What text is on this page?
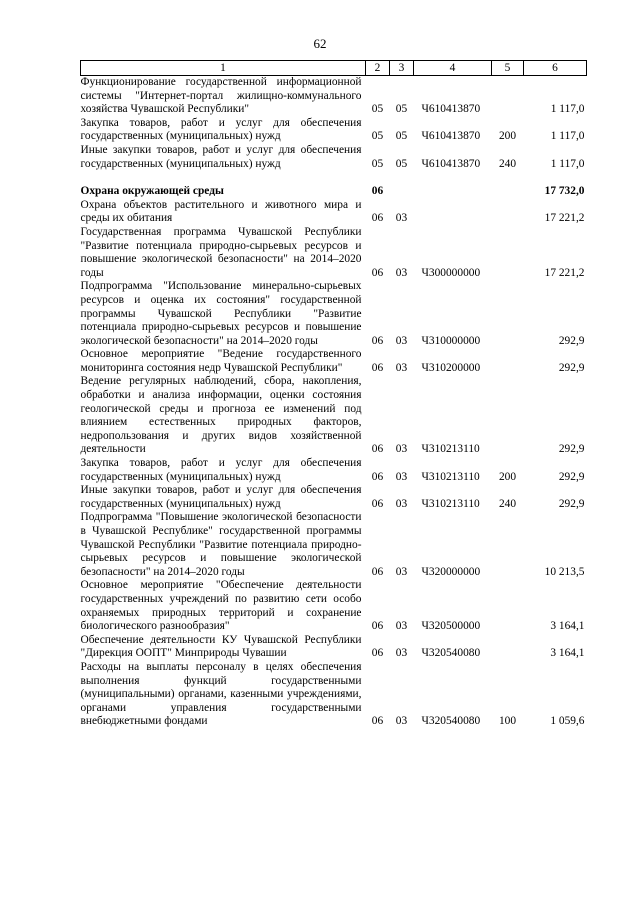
62
1	2	3	4	5	6
Функционирование государственной информационной системы "Интернет-портал жилищно-коммунального хозяйства Чувашской Республики"	05	05	Ч610413870		1 117,0
Закупка товаров, работ и услуг для обеспечения государственных (муниципальных) нужд	05	05	Ч610413870	200	1 117,0
Иные закупки товаров, работ и услуг для обеспечения государственных (муниципальных) нужд	05	05	Ч610413870	240	1 117,0

Охрана окружающей среды	06				17 732,0
Охрана объектов растительного и животного мира и среды их обитания	06	03			17 221,2
Государственная программа Чувашской Республики "Развитие потенциала природно-сырьевых ресурсов и повышение экологической безопасности" на 2014–2020 годы	06	03	Ч300000000		17 221,2
Подпрограмма "Использование минерально-сырьевых ресурсов и оценка их состояния" государственной программы Чувашской Республики "Развитие потенциала природно-сырьевых ресурсов и повышение экологической безопасности" на 2014–2020 годы	06	03	Ч310000000		292,9
Основное мероприятие "Ведение государственного мониторинга состояния недр Чувашской Республики"	06	03	Ч310200000		292,9
Ведение регулярных наблюдений, сбора, накопления, обработки и анализа информации, оценки состояния геологической среды и прогноза ее изменений под влиянием естественных природных факторов, недропользования и других видов хозяйственной деятельности	06	03	Ч310213110		292,9
Закупка товаров, работ и услуг для обеспечения государственных (муниципальных) нужд	06	03	Ч310213110	200	292,9
Иные закупки товаров, работ и услуг для обеспечения государственных (муниципальных) нужд	06	03	Ч310213110	240	292,9
Подпрограмма "Повышение экологической безопасности в Чувашской Республике" государственной программы Чувашской Республики "Развитие потенциала природно-сырьевых ресурсов и повышение экологической безопасности" на 2014–2020 годы	06	03	Ч320000000		10 213,5
Основное мероприятие "Обеспечение деятельности государственных учреждений по развитию сети особо охраняемых природных территорий и сохранение биологического разнообразия"	06	03	Ч320500000		3 164,1
Обеспечение деятельности КУ Чувашской Республики "Дирекция ООПТ" Минприроды Чувашии	06	03	Ч320540080		3 164,1
Расходы на выплаты персоналу в целях обеспечения выполнения функций государственными (муниципальными) органами, казенными учреждениями, органами управления государственными внебюджетными фондами	06	03	Ч320540080	100	1 059,6
